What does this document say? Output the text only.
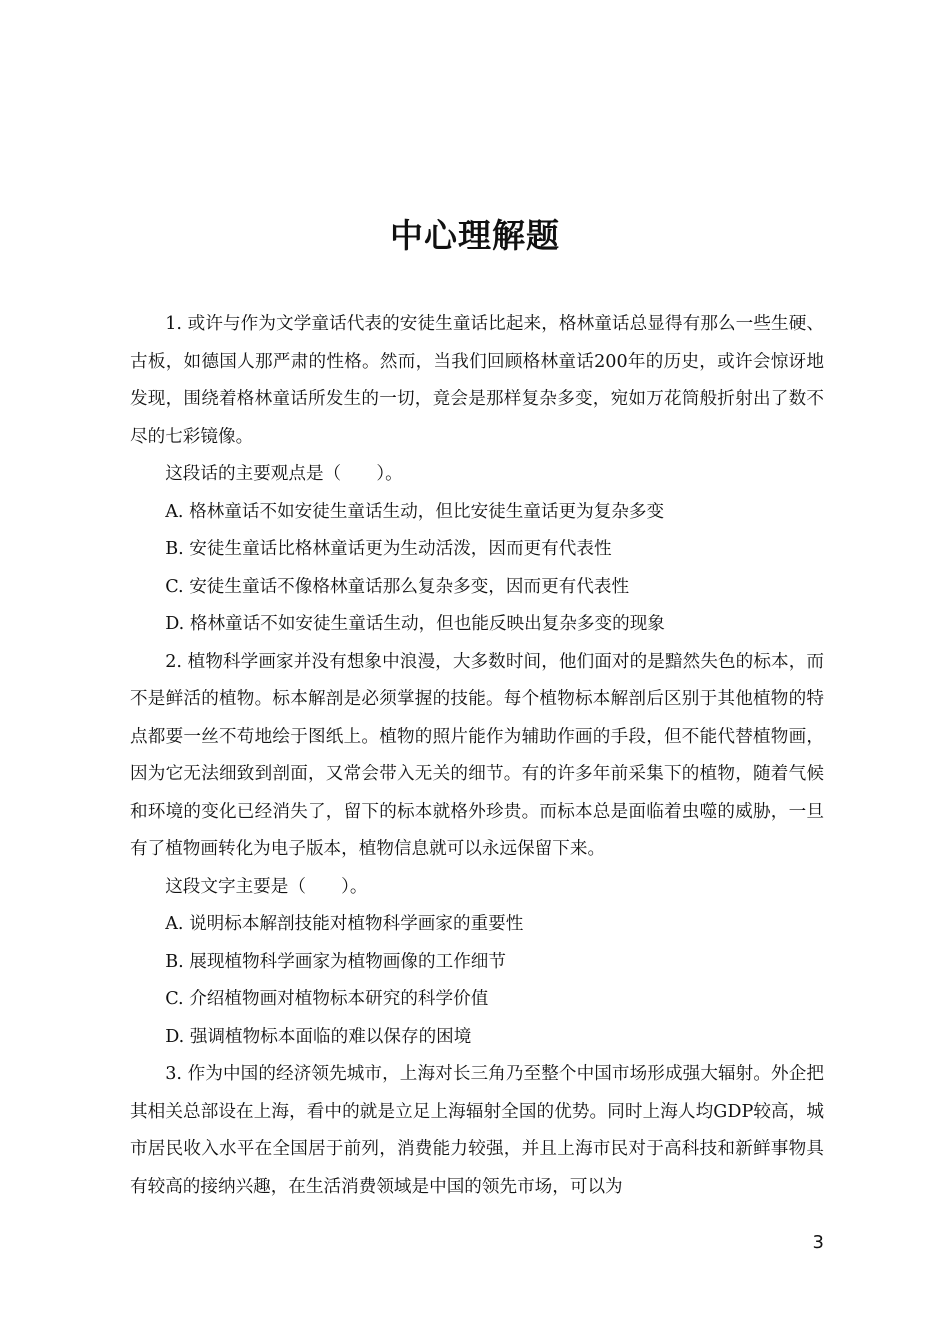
中心理解题

1. 或许与作为文学童话代表的安徒生童话比起来，格林童话总显得有那么一些生硬、古板，如德国人那严肃的性格。然而，当我们回顾格林童话200年的历史，或许会惊讶地发现，围绕着格林童话所发生的一切，竟会是那样复杂多变，宛如万花筒般折射出了数不尽的七彩镜像。

这段话的主要观点是（　　）。

A. 格林童话不如安徒生童话生动，但比安徒生童话更为复杂多变

B. 安徒生童话比格林童话更为生动活泼，因而更有代表性

C. 安徒生童话不像格林童话那么复杂多变，因而更有代表性

D. 格林童话不如安徒生童话生动，但也能反映出复杂多变的现象

2. 植物科学画家并没有想象中浪漫，大多数时间，他们面对的是黯然失色的标本，而不是鲜活的植物。标本解剖是必须掌握的技能。每个植物标本解剖后区别于其他植物的特点都要一丝不苟地绘于图纸上。植物的照片能作为辅助作画的手段，但不能代替植物画，因为它无法细致到剖面，又常会带入无关的细节。有的许多年前采集下的植物，随着气候和环境的变化已经消失了，留下的标本就格外珍贵。而标本总是面临着虫噬的威胁，一旦有了植物画转化为电子版本，植物信息就可以永远保留下来。

这段文字主要是（　　）。

A. 说明标本解剖技能对植物科学画家的重要性

B. 展现植物科学画家为植物画像的工作细节

C. 介绍植物画对植物标本研究的科学价值

D. 强调植物标本面临的难以保存的困境

3. 作为中国的经济领先城市，上海对长三角乃至整个中国市场形成强大辐射。外企把其相关总部设在上海，看中的就是立足上海辐射全国的优势。同时上海人均GDP较高，城市居民收入水平在全国居于前列，消费能力较强，并且上海市民对于高科技和新鲜事物具有较高的接纳兴趣，在生活消费领域是中国的领先市场，可以为

3
